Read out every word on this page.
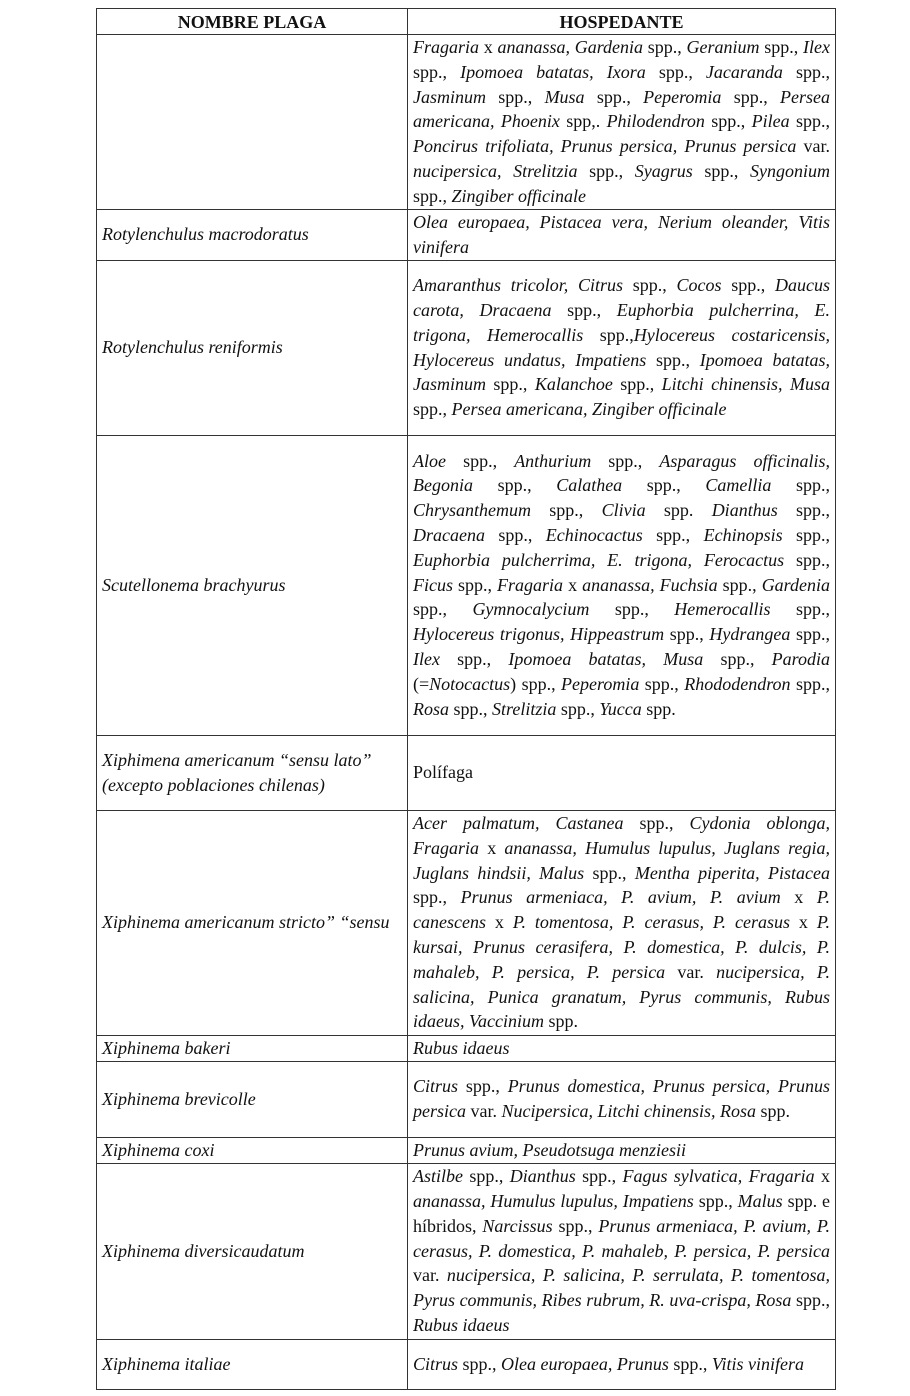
NOMBRE PLAGA	HOSPEDANTE
	Fragaria x ananassa, Gardenia spp., Geranium spp., Ilex spp., Ipomoea batatas, Ixora spp., Jacaranda spp., Jasminum spp., Musa spp., Peperomia spp., Persea americana, Phoenix spp,. Philodendron spp., Pilea spp., Poncirus trifoliata, Prunus persica, Prunus persica var. nucipersica, Strelitzia spp., Syagrus spp., Syngonium spp., Zingiber officinale
Rotylenchulus macrodoratus	Olea europaea, Pistacea vera, Nerium oleander, Vitis vinifera
Rotylenchulus reniformis	Amaranthus tricolor, Citrus spp., Cocos spp., Daucus carota, Dracaena spp., Euphorbia pulcherrina, E. trigona, Hemerocallis spp.,Hylocereus costaricensis, Hylocereus undatus, Impatiens spp., Ipomoea batatas, Jasminum spp., Kalanchoe spp., Litchi chinensis, Musa spp., Persea americana, Zingiber officinale
Scutellonema brachyurus	Aloe spp., Anthurium spp., Asparagus officinalis, Begonia spp., Calathea spp., Camellia spp., Chrysanthemum spp., Clivia spp. Dianthus spp., Dracaena spp., Echinocactus spp., Echinopsis spp., Euphorbia pulcherrima, E. trigona, Ferocactus spp., Ficus spp., Fragaria x ananassa, Fuchsia spp., Gardenia spp., Gymnocalycium spp., Hemerocallis spp., Hylocereus trigonus, Hippeastrum spp., Hydrangea spp., Ilex spp., Ipomoea batatas, Musa spp., Parodia (=Notocactus) spp., Peperomia spp., Rhododendron spp., Rosa spp., Strelitzia spp., Yucca spp.
Xiphimena americanum “sensu lato” (excepto poblaciones chilenas)	Polífaga
Xiphinema americanum stricto” “sensu	Acer palmatum, Castanea spp., Cydonia oblonga, Fragaria x ananassa, Humulus lupulus, Juglans regia, Juglans hindsii, Malus spp., Mentha piperita, Pistacea spp., Prunus armeniaca, P. avium, P. avium x P. canescens x P. tomentosa, P. cerasus, P. cerasus x P. kursai, Prunus cerasifera, P. domestica, P. dulcis, P. mahaleb, P. persica, P. persica var. nucipersica, P. salicina, Punica granatum, Pyrus communis, Rubus idaeus, Vaccinium spp.
Xiphinema bakeri	Rubus idaeus
Xiphinema brevicolle	Citrus spp., Prunus domestica, Prunus persica, Prunus persica var. Nucipersica, Litchi chinensis, Rosa spp.
Xiphinema coxi	Prunus avium, Pseudotsuga menziesii
Xiphinema diversicaudatum	Astilbe spp., Dianthus spp., Fagus sylvatica, Fragaria x ananassa, Humulus lupulus, Impatiens spp., Malus spp. e híbridos, Narcissus spp., Prunus armeniaca, P. avium, P. cerasus, P. domestica, P. mahaleb, P. persica, P. persica var. nucipersica, P. salicina, P. serrulata, P. tomentosa, Pyrus communis, Ribes rubrum, R. uva-crispa, Rosa spp., Rubus idaeus
Xiphinema italiae	Citrus spp., Olea europaea, Prunus spp., Vitis vinifera
